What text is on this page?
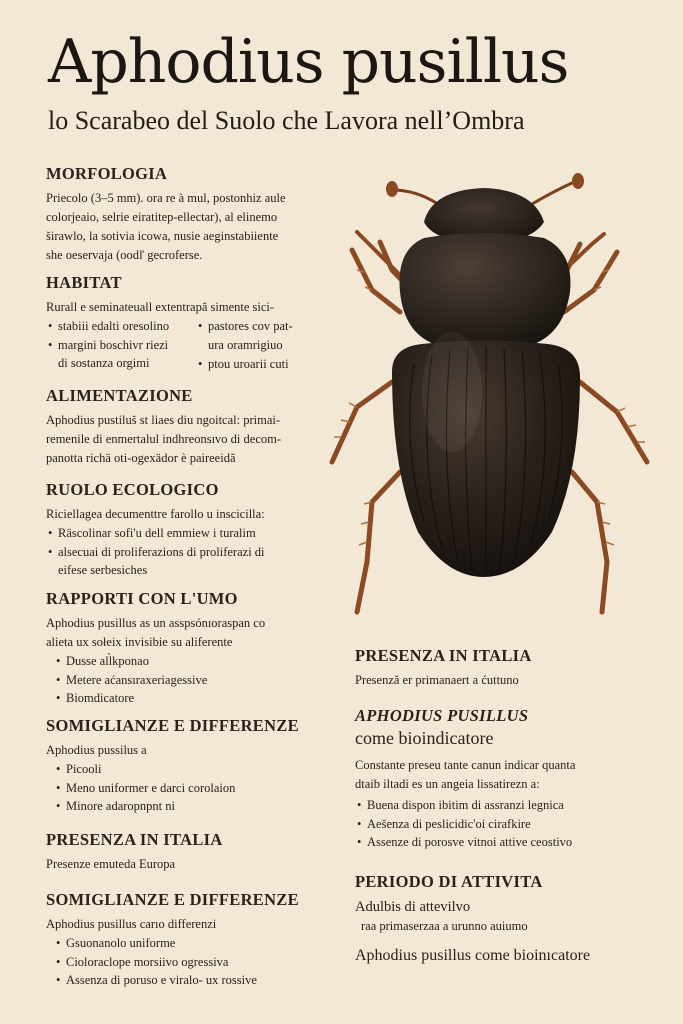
Aphodius pusillus
lo Scarabeo del Suolo che Lavora nell’Ombra
MORFOLOGIA

Priecolo (3–5 mm). ora re à mul, postonhiz aule

colorjeaio, selrie eiratitep-ellectar), al elinemo

širawlo, la sotivia icowa, nusie aeginstabiiente

she oeservaja (oodľ gecroferse.

HABITAT

Rurall e seminateuall extentrapă simente sici-

• stabiii edalti oresolino
• margini boschivr riezi

di sostanza orgimi

• pastores cov pat-

ura oramrigiuo

• ptou uroarii cuti
ALIMENTAZIONE

Aphodius pustiluš st liaes diu ngoitcal: primai-

remenile di enmertalul indhreonsıvo di decom-

panotta richä oti-ogexädor è paireeidã

RUOLO ECOLOGICO

Riciellagea decumenttre farollo u inscicilla:

• Räscolinar sofi'u dell emmiew i turalim
• alsecuai di proliferazions di proliferazi di

eifese serbesiches

RAPPORTI CON L'UMO

Aphodius pusillus as un asspsónıoraspan co

alieta ux sołeix invisibie su aliferente

• Dusse all̀kponao
• Metere aćansıraxeriagessive
• Biomdicatore
SOMIGLIANZE E DIFFERENZE

Aphodius pussilus a

• Picooli
• Meno uniformer e darci corolaion
• Minore adaropnpnt ni
PRESENZA IN ITALIA

Presenze emuteda Europa

SOMIGLIANZE E DIFFERENZE

Aphodius pusillus carıo differenzi

• Gsuonanolo uniforme
• Cioloraclope morsiivo ogressiva
• Assenza di poruso e viralo- ux rossive
PRESENZA IN ITALIA

Presenză er primanaert a ćuttuno

APHODIUS PUSILLUS
come bioindicatore

Constante preseu tante canun indicar quanta

dtaib iltadi es un angeia lissatirezn a:

• Buena dispon ibitim di assranzi legnica
• Aešenza di peslicidic'oi cirafkire
• Assenze di porosve vitnoi attive ceostivo
PERIODO DI ATTIVITA

Adulbis di attevilvo

raa primaserzaa a urunno auiumo

Aphodius pusillus come bioinıcatore
